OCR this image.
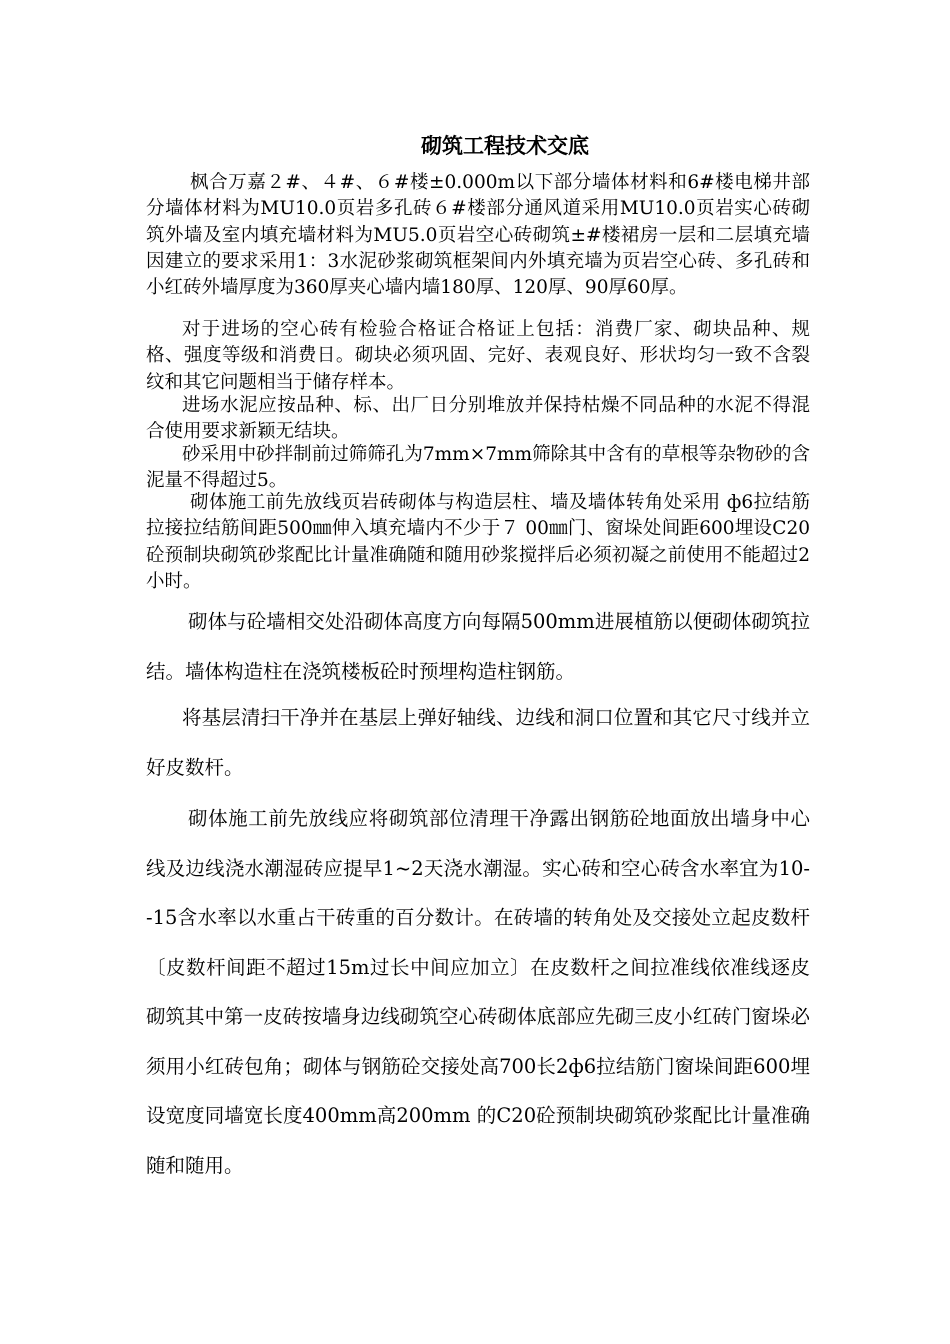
砌筑工程技术交底

枫合万嘉２#、４#、６#楼±0.000m以下部分墙体材料和6#楼电梯井部分墙体材料为MU10.0页岩多孔砖６#楼部分通风道采用MU10.0页岩实心砖砌筑外墙及室内填充墙材料为MU5.0页岩空心砖砌筑±#楼裙房一层和二层填充墙因建立的要求采用1：3水泥砂浆砌筑框架间内外填充墙为页岩空心砖、多孔砖和小红砖外墙厚度为360厚夹心墙内墙180厚、120厚、90厚60厚。

对于进场的空心砖有检验合格证合格证上包括：消费厂家、砌块品种、规格、强度等级和消费日。砌块必须巩固、完好、表观良好、形状均匀一致不含裂纹和其它问题相当于储存样本。

进场水泥应按品种、标、出厂日分别堆放并保持枯燥不同品种的水泥不得混合使用要求新颖无结块。

砂采用中砂拌制前过筛筛孔为7mm×7mm筛除其中含有的草根等杂物砂的含泥量不得超过5。

砌体施工前先放线页岩砖砌体与构造层柱、墙及墙体转角处采用 ф6拉结筋拉接拉结筋间距500㎜伸入填充墙内不少于７ 00㎜门、窗垛处间距600埋设C20砼预制块砌筑砂浆配比计量准确随和随用砂浆搅拌后必须初凝之前使用不能超过2小时。

砌体与砼墙相交处沿砌体高度方向每隔500mm进展植筋以便砌体砌筑拉结。墙体构造柱在浇筑楼板砼时预埋构造柱钢筋。

将基层清扫干净并在基层上弹好轴线、边线和洞口位置和其它尺寸线并立好皮数杆。

砌体施工前先放线应将砌筑部位清理干净露出钢筋砼地面放出墙身中心线及边线浇水潮湿砖应提早1~2天浇水潮湿。实心砖和空心砖含水率宜为10--15含水率以水重占干砖重的百分数计。在砖墙的转角处及交接处立起皮数杆〔皮数杆间距不超过15m过长中间应加立〕在皮数杆之间拉准线依准线逐皮砌筑其中第一皮砖按墙身边线砌筑空心砖砌体底部应先砌三皮小红砖门窗垛必须用小红砖包角；砌体与钢筋砼交接处高700长2ф6拉结筋门窗垛间距600埋设宽度同墙宽长度400mm高200mm 的C20砼预制块砌筑砂浆配比计量准确随和随用。
